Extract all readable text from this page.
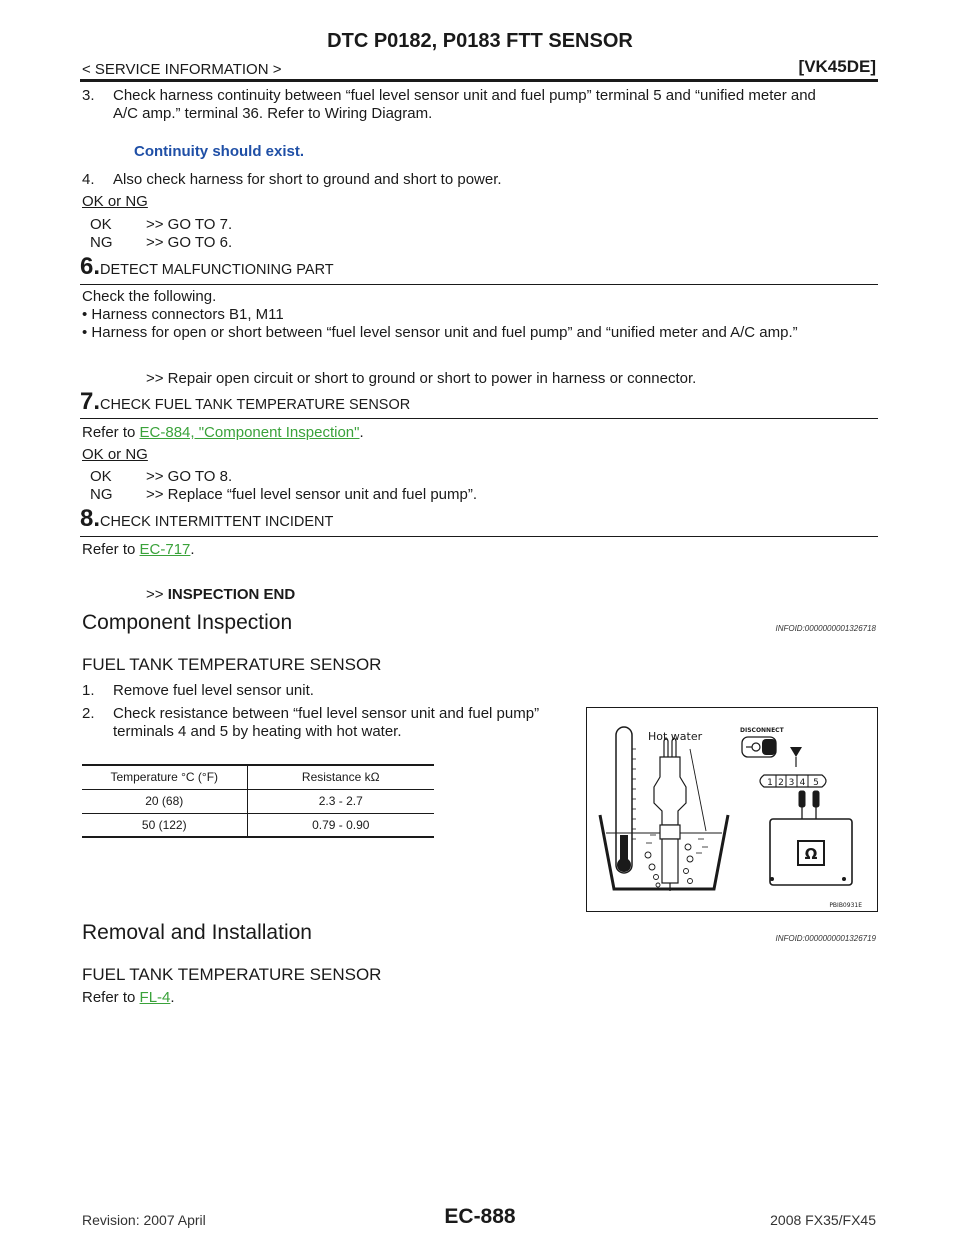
DTC P0182, P0183 FTT SENSOR
< SERVICE INFORMATION >	[VK45DE]
3. Check harness continuity between “fuel level sensor unit and fuel pump” terminal 5 and “unified meter and
A/C amp.” terminal 36. Refer to Wiring Diagram.
Continuity should exist.
4. Also check harness for short to ground and short to power.
OK or NG
OK	>> GO TO 7.
NG	>> GO TO 6.
6.DETECT MALFUNCTIONING PART
Check the following.
• Harness connectors B1, M11
• Harness for open or short between “fuel level sensor unit and fuel pump” and “unified meter and A/C amp.”
>> Repair open circuit or short to ground or short to power in harness or connector.
7.CHECK FUEL TANK TEMPERATURE SENSOR
Refer to EC-884, "Component Inspection".
OK or NG
OK	>> GO TO 8.
NG	>> Replace “fuel level sensor unit and fuel pump”.
8.CHECK INTERMITTENT INCIDENT
Refer to EC-717.
>> INSPECTION END
Component Inspection	INFOID:0000000001326718
FUEL TANK TEMPERATURE SENSOR
1. Remove fuel level sensor unit.
2. Check resistance between “fuel level sensor unit and fuel pump”
terminals 4 and 5 by heating with hot water.
Temperature °C (°F)	Resistance kΩ
20 (68)	2.3 - 2.7
50 (122)	0.79 - 0.90
Hot water	DISCONNECT
1 2 3 4 5
Ω
PBIB0931E
Removal and Installation	INFOID:0000000001326719
FUEL TANK TEMPERATURE SENSOR
Refer to FL-4.
EC-888
Revision: 2007 April	2008 FX35/FX45
